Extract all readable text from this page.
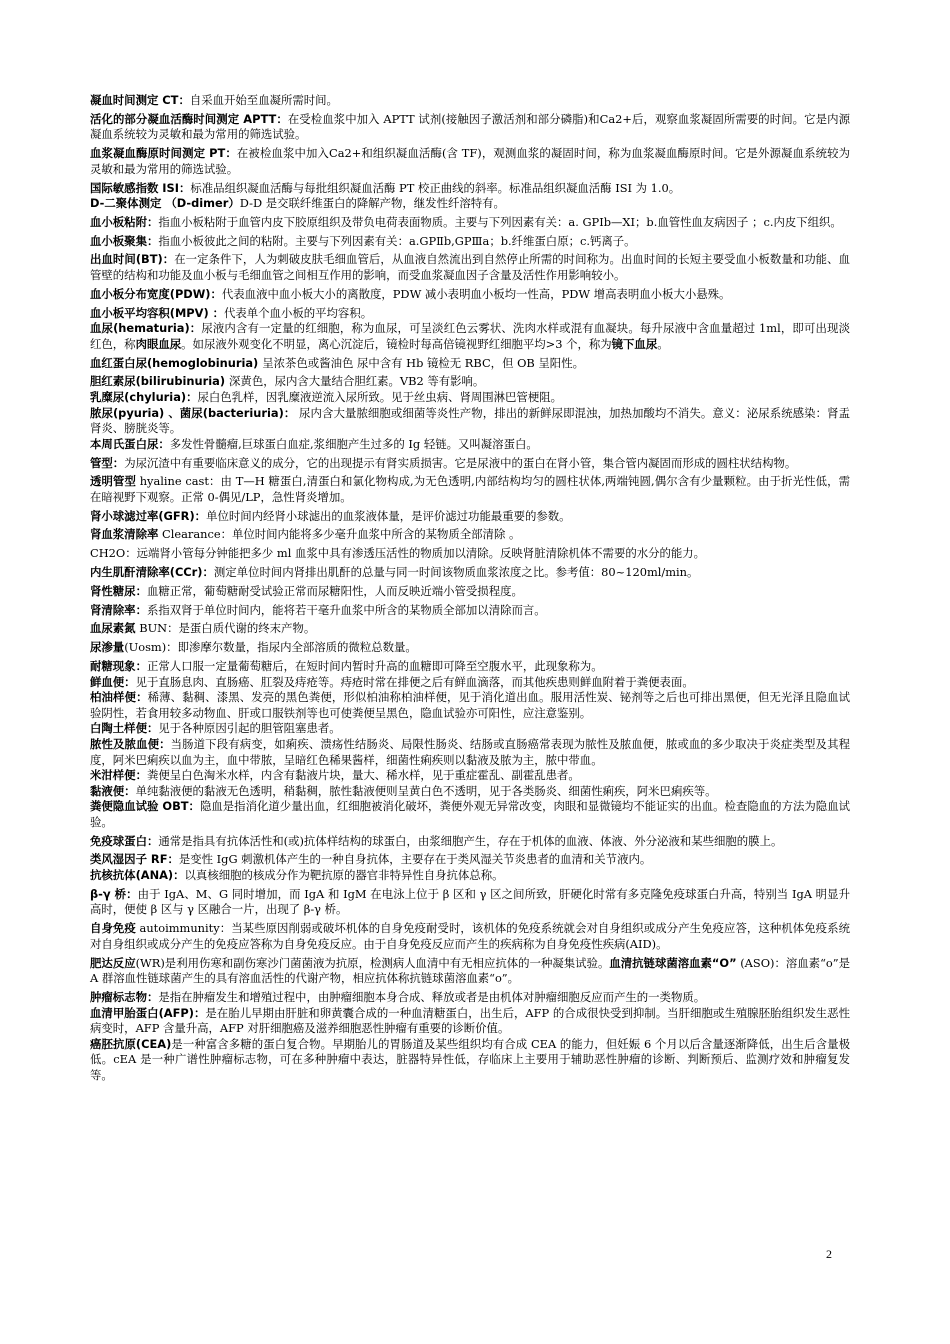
凝血时间测定 CT：自采血开始至血凝所需时间。

活化的部分凝血活酶时间测定 APTT：在受检血浆中加入 APTT 试剂(接触因子激活剂和部分磷脂)和Ca2+后，观察血浆凝固所需要的时间。它是内源凝血系统较为灵敏和最为常用的筛选试验。

血浆凝血酶原时间测定 PT：在被检血浆中加入Ca2+和组织凝血活酶(含 TF)，观测血浆的凝固时间，称为血浆凝血酶原时间。它是外源凝血系统较为灵敏和最为常用的筛选试验。

国际敏感指数 ISI：标准品组织凝血活酶与每批组织凝血活酶 PT 校正曲线的斜率。标准品组织凝血活酶 ISI 为 1.0。

D-二聚体测定 （D-dimer）D-D 是交联纤维蛋白的降解产物，继发性纤溶特有。

血小板粘附：指血小板粘附于血管内皮下胶原组织及带负电荷表面物质。主要与下列因素有关：a. GPⅠb—XI；b.血管性血友病因子 ；c.内皮下组织。

血小板聚集：指血小板彼此之间的粘附。主要与下列因素有关：a.GPⅡb,GPⅢa；b.纤维蛋白原；c.钙离子。

出血时间(BT)：在一定条件下，人为刺破皮肤毛细血管后，从血液自然流出到自然停止所需的时间称为。出血时间的长短主要受血小板数量和功能、血管壁的结构和功能及血小板与毛细血管之间相互作用的影响，而受血浆凝血因子含量及活性作用影响较小。

血小板分布宽度(PDW)：代表血液中血小板大小的离散度，PDW 减小表明血小板均一性高，PDW 增高表明血小板大小悬殊。

血小板平均容积(MPV) ：代表单个血小板的平均容积。

血尿(hematuria)：尿液内含有一定量的红细胞，称为血尿，可呈淡红色云雾状、洗肉水样或混有血凝块。每升尿液中含血量超过 1ml，即可出现淡红色，称肉眼血尿。如尿液外观变化不明显，离心沉淀后，镜检时每高倍镜视野红细胞平均>3 个，称为镜下血尿。

血红蛋白尿(hemoglobinuria) 呈浓茶色或酱油色 尿中含有 Hb 镜检无 RBC，但 OB 呈阳性。

胆红素尿(bilirubinuria) 深黄色，尿内含大量结合胆红素。VB2 等有影响。

乳糜尿(chyluria)：尿白色乳样，因乳糜液逆流入尿所致。见于丝虫病、肾周围淋巴管梗阻。

脓尿(pyuria) 、菌尿(bacteriuria)： 尿内含大量脓细胞或细菌等炎性产物，排出的新鲜尿即混浊，加热加酸均不消失。意义：泌尿系统感染：肾盂肾炎、膀胱炎等。

本周氏蛋白尿：多发性骨髓瘤,巨球蛋白血症,浆细胞产生过多的 Ig 轻链。又叫凝溶蛋白。

管型：为尿沉渣中有重要临床意义的成分，它的出现提示有肾实质损害。它是尿液中的蛋白在肾小管，集合管内凝固而形成的圆柱状结构物。

透明管型 hyaline cast：由 T—H 糖蛋白,清蛋白和氯化物构成,为无色透明,内部结构均匀的圆柱状体,两端钝圆,偶尔含有少量颗粒。由于折光性低，需在暗视野下观察。正常 0-偶见/LP，急性肾炎增加。

肾小球滤过率(GFR)：单位时间内经肾小球滤出的血浆液体量，是评价滤过功能最重要的参数。

肾血浆清除率 Clearance：单位时间内能将多少毫升血浆中所含的某物质全部清除 。

CH2O：远端肾小管每分钟能把多少 ml 血浆中具有渗透压活性的物质加以清除。反映肾脏清除机体不需要的水分的能力。

内生肌酐清除率(CCr)：测定单位时间内肾排出肌酐的总量与同一时间该物质血浆浓度之比。参考值：80~120ml/min。

肾性糖尿：血糖正常，葡萄糖耐受试验正常而尿糖阳性，人而反映近端小管受损程度。

肾清除率：系指双肾于单位时间内，能将若干毫升血浆中所含的某物质全部加以清除而言。

血尿素氮 BUN：是蛋白质代谢的终末产物。

尿渗量(Uosm)：即渗摩尔数量，指尿内全部溶质的微粒总数量。

耐糖现象：正常人口服一定量葡萄糖后，在短时间内暂时升高的血糖即可降至空腹水平，此现象称为。

鲜血便：见于直肠息肉、直肠癌、肛裂及痔疮等。痔疮时常在排便之后有鲜血滴落，而其他疾患则鲜血附着于粪便表面。

柏油样便：稀薄、黏稠、漆黑、发亮的黑色粪便，形似柏油称柏油样便，见于消化道出血。服用活性炭、铋剂等之后也可排出黑便，但无光泽且隐血试验阴性，若食用较多动物血、肝或口服铁剂等也可使粪便呈黑色，隐血试验亦可阳性，应注意鉴别。

白陶土样便：见于各种原因引起的胆管阻塞患者。

脓性及脓血便：当肠道下段有病变，如痢疾、溃疡性结肠炎、局限性肠炎、结肠或直肠癌常表现为脓性及脓血便，脓或血的多少取决于炎症类型及其程度，阿米巴痢疾以血为主，血中带脓，呈暗红色稀果酱样，细菌性痢疾则以黏液及脓为主，脓中带血。

米泔样便：粪便呈白色淘米水样，内含有黏液片块，量大、稀水样，见于重症霍乱、副霍乱患者。

黏液便：单纯黏液便的黏液无色透明，稍黏稠，脓性黏液便则呈黄白色不透明，见于各类肠炎、细菌性痢疾，阿米巴痢疾等。

粪便隐血试验 OBT：隐血是指消化道少量出血，红细胞被消化破坏，粪便外观无异常改变，肉眼和显微镜均不能证实的出血。检查隐血的方法为隐血试验。

免疫球蛋白：通常是指具有抗体活性和(或)抗体样结构的球蛋白，由浆细胞产生，存在于机体的血液、体液、外分泌液和某些细胞的膜上。

类风湿因子 RF：是变性 IgG 刺激机体产生的一种自身抗体，主要存在于类风湿关节炎患者的血清和关节液内。

抗核抗体(ANA)：以真核细胞的核成分作为靶抗原的器官非特异性自身抗体总称。

β-γ 桥：由于 IgA、M、G 同时增加，而 IgA 和 IgM 在电泳上位于 β 区和 γ 区之间所致，肝硬化时常有多克隆免疫球蛋白升高，特别当 IgA 明显升高时，便使 β 区与 γ 区融合一片，出现了 β-γ 桥。

自身免疫 autoimmunity：当某些原因削弱或破坏机体的自身免疫耐受时，该机体的免疫系统就会对自身组织或成分产生免疫应答，这种机体免疫系统对自身组织或成分产生的免疫应答称为自身免疫反应。由于自身免疫反应而产生的疾病称为自身免疫性疾病(AID)。

肥达反应(WR)是利用伤寒和副伤寒沙门菌菌液为抗原，检测病人血清中有无相应抗体的一种凝集试验。血清抗链球菌溶血素“O” (ASO)：溶血素“o”是 A 群溶血性链球菌产生的具有溶血活性的代谢产物，相应抗体称抗链球菌溶血素“o”。

肿瘤标志物：是指在肿瘤发生和增殖过程中，由肿瘤细胞本身合成、释放或者是由机体对肿瘤细胞反应而产生的一类物质。

血清甲胎蛋白(AFP)：是在胎儿早期由肝脏和卵黄囊合成的一种血清糖蛋白，出生后，AFP 的合成很快受到抑制。当肝细胞或生殖腺胚胎组织发生恶性病变时，AFP 含量升高，AFP 对肝细胞癌及滋养细胞恶性肿瘤有重要的诊断价值。

癌胚抗原(CEA)是一种富含多糖的蛋白复合物。早期胎儿的胃肠道及某些组织均有合成 CEA 的能力，但妊娠 6 个月以后含量逐渐降低，出生后含量极低。cEA 是一种广谱性肿瘤标志物，可在多种肿瘤中表达，脏器特异性低，存临床上主要用于辅助恶性肿瘤的诊断、判断预后、监测疗效和肿瘤复发等。

2
